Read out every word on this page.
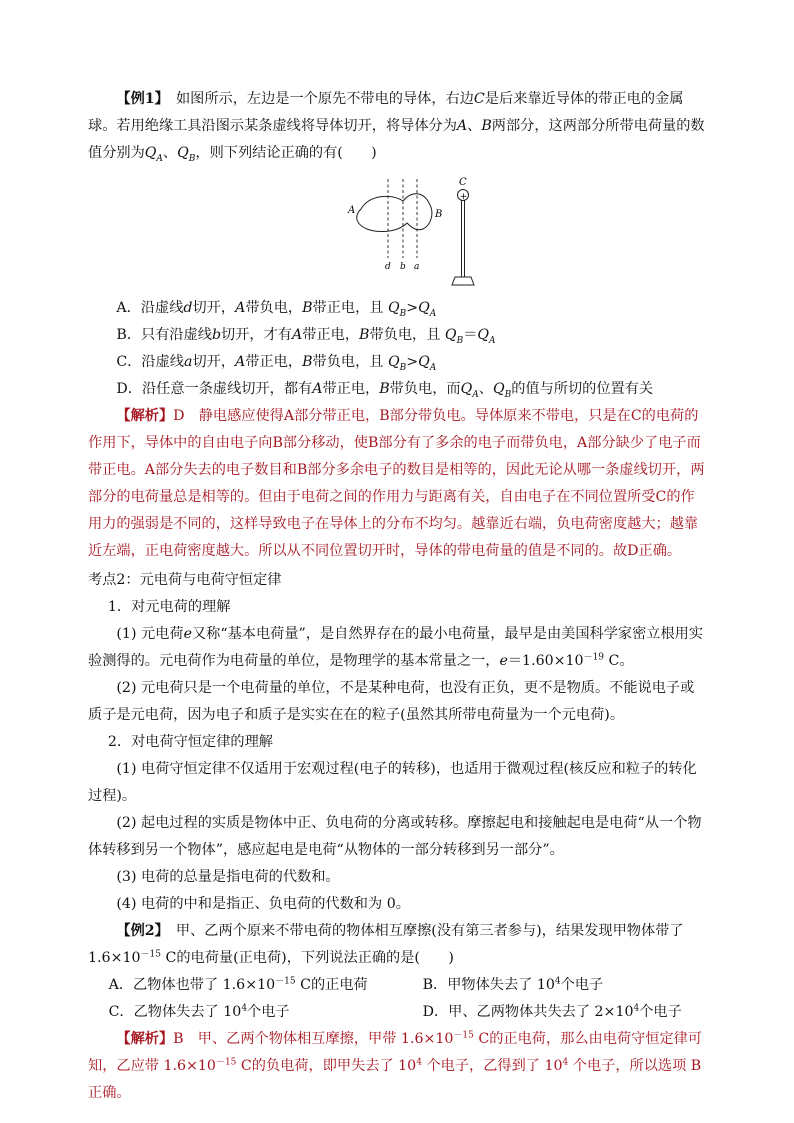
【例1】　 如图所示，左边是一个原先不带电的导体，右边C是后来靠近导体的带正电的金属球。若用绝缘工具沿图示某条虚线将导体切开，将导体分为A、B两部分，这两部分所带电荷量的数值分别为$Q_A$、$Q_B$，则下列结论正确的有(　　)

A	B
d b a
C
+

A．沿虚线d切开，A带负电，B带正电，且 $Q_B>Q_A$

B．只有沿虚线b切开，才有A带正电，B带负电，且 $Q_B=Q_A$

C．沿虚线a切开，A带正电，B带负电，且 $Q_B>Q_A$

D．沿任意一条虚线切开，都有A带正电，B带负电，而$Q_A$、$Q_B$的值与所切的位置有关

【解析】D　静电感应使得A部分带正电，B部分带负电。导体原来不带电，只是在C的电荷的作用下，导体中的自由电子向B部分移动，使B部分有了多余的电子而带负电，A部分缺少了电子而带正电。A部分失去的电子数目和B部分多余电子的数目是相等的，因此无论从哪一条虚线切开，两部分的电荷量总是相等的。但由于电荷之间的作用力与距离有关，自由电子在不同位置所受C的作用力的强弱是不同的，这样导致电子在导体上的分布不均匀。越靠近右端，负电荷密度越大；越靠近左端，正电荷密度越大。所以从不同位置切开时，导体的带电荷量的值是不同的。故D正确。

考点2：元电荷与电荷守恒定律

1．对元电荷的理解

(1) 元电荷e又称“基本电荷量”，是自然界存在的最小电荷量，最早是由美国科学家密立根用实验测得的。元电荷作为电荷量的单位，是物理学的基本常量之一，$e=1.60\times 10^{-19}$ C。

(2) 元电荷只是一个电荷量的单位，不是某种电荷，也没有正负，更不是物质。不能说电子或质子是元电荷，因为电子和质子是实实在在的粒子(虽然其所带电荷量为一个元电荷)。

2．对电荷守恒定律的理解

(1) 电荷守恒定律不仅适用于宏观过程(电子的转移)，也适用于微观过程(核反应和粒子的转化过程)。

(2) 起电过程的实质是物体中正、负电荷的分离或转移。摩擦起电和接触起电是电荷“从一个物体转移到另一个物体”，感应起电是电荷“从物体的一部分转移到另一部分”。

(3) 电荷的总量是指电荷的代数和。

(4) 电荷的中和是指正、负电荷的代数和为 0。

【例2】　甲、乙两个原来不带电荷的物体相互摩擦(没有第三者参与)，结果发现甲物体带了 $1.6\times 10^{-15}$ C的电荷量(正电荷)，下列说法正确的是(　　)

A．乙物体也带了 $1.6\times 10^{-15}$ C的正电荷	B．甲物体失去了 $10^4$个电子
C．乙物体失去了 $10^4$个电子	D．甲、乙两物体共失去了 $2\times 10^4$个电子

【解析】B　甲、乙两个物体相互摩擦，甲带 $1.6\times 10^{-15}$ C的正电荷，那么由电荷守恒定律可知，乙应带 $1.6\times 10^{-15}$ C的负电荷，即甲失去了 $10^4$ 个电子，乙得到了 $10^4$ 个电子，所以选项 B 正确。
